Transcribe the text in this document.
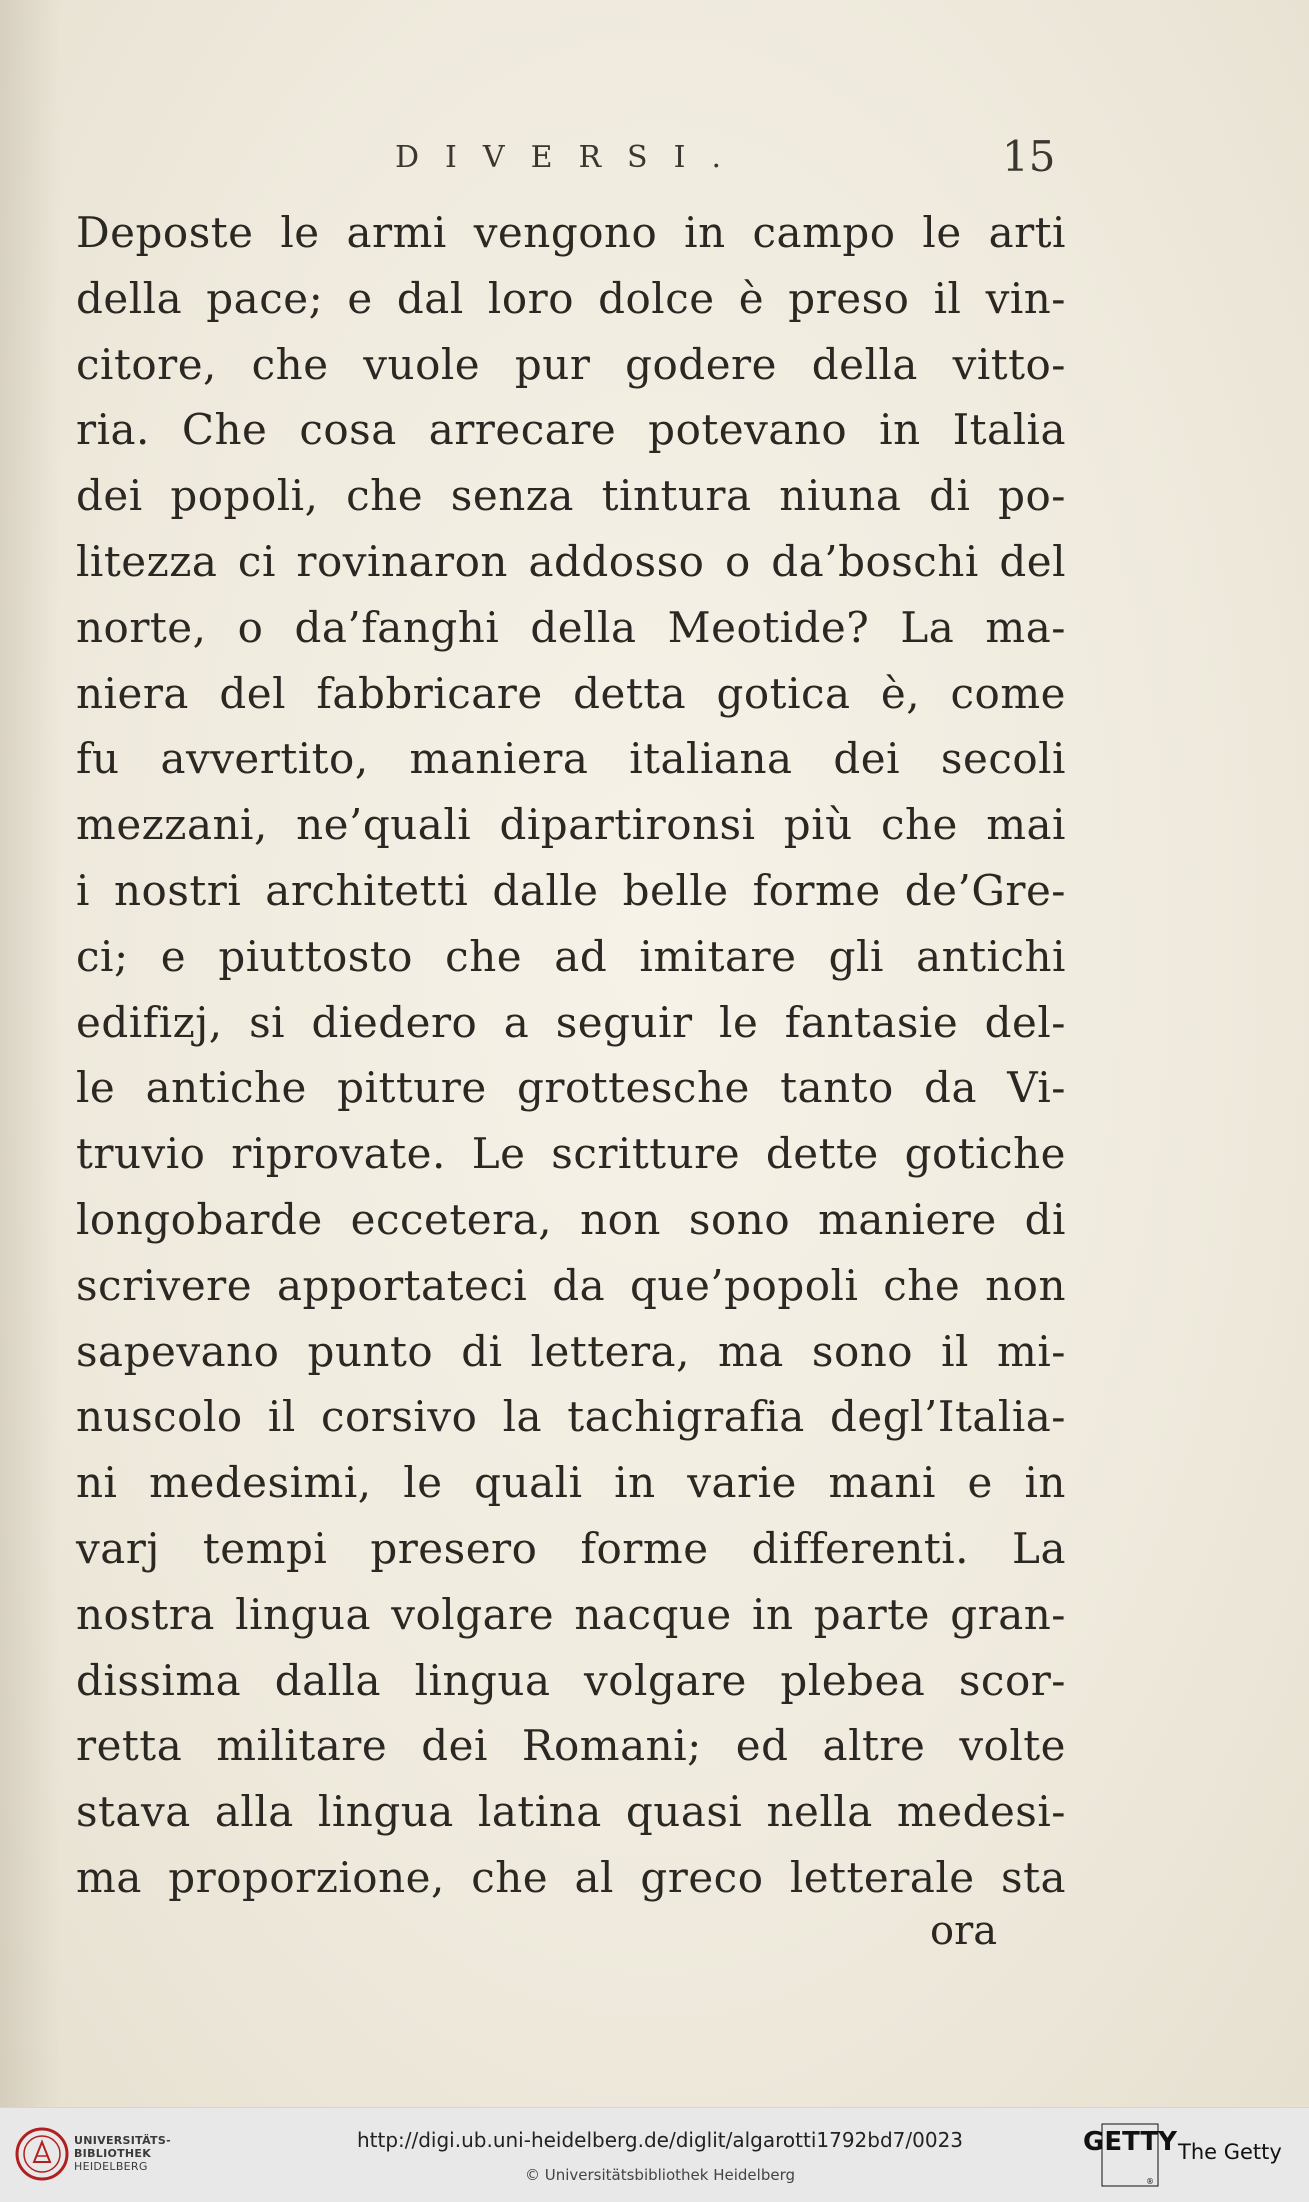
DIVERSI.	15
Deposte le armi vengono in campo le arti
della pace; e dal loro dolce è preso il vin-
citore, che vuole pur godere della vitto-
ria. Che cosa arrecare potevano in Italia
dei popoli, che senza tintura niuna di po-
litezza ci rovinaron addosso o da’boschi del
norte, o da’fanghi della Meotide? La ma-
niera del fabbricare detta gotica è, come
fu avvertito, maniera italiana dei secoli
mezzani, ne’quali dipartironsi più che mai
i nostri architetti dalle belle forme de’Gre-
ci; e piuttosto che ad imitare gli antichi
edifizj, si diedero a seguir le fantasie del-
le antiche pitture grottesche tanto da Vi-
truvio riprovate. Le scritture dette gotiche
longobarde eccetera, non sono maniere di
scrivere apportateci da que’popoli che non
sapevano punto di lettera, ma sono il mi-
nuscolo il corsivo la tachigrafia degl’Italia-
ni medesimi, le quali in varie mani e in
varj tempi presero forme differenti. La
nostra lingua volgare nacque in parte gran-
dissima dalla lingua volgare plebea scor-
retta militare dei Romani; ed altre volte
stava alla lingua latina quasi nella medesi-
ma proporzione, che al greco letterale sta
ora
UNIVERSITÄTS-
BIBLIOTHEK
HEIDELBERG
http://digi.ub.uni-heidelberg.de/diglit/algarotti1792bd7/0023
© Universitätsbibliothek Heidelberg
GETTY
®
The Getty
